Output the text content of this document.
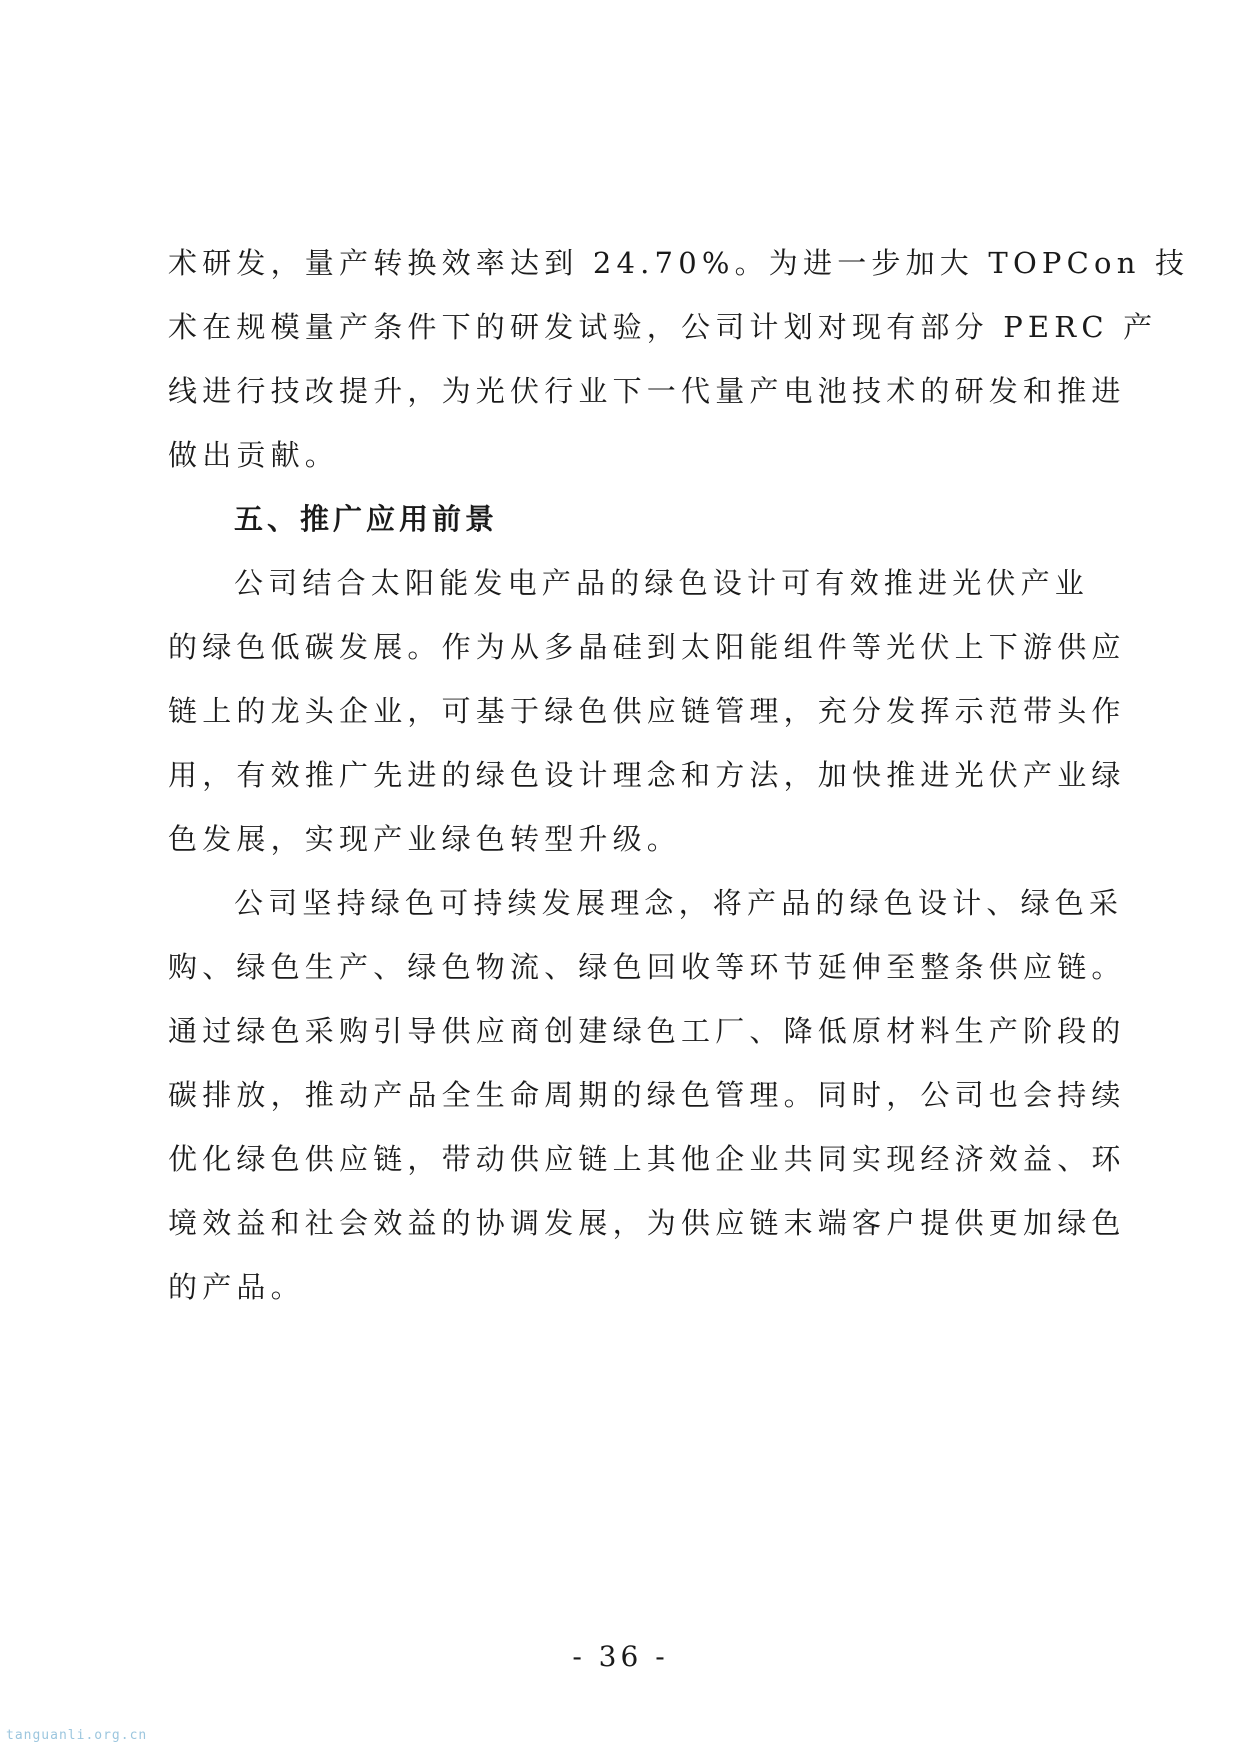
术研发，量产转换效率达到 24.70%。为进一步加大 TOPCon 技
术在规模量产条件下的研发试验，公司计划对现有部分 PERC 产
线进行技改提升，为光伏行业下一代量产电池技术的研发和推进
做出贡献。
五、推广应用前景
公司结合太阳能发电产品的绿色设计可有效推进光伏产业
的绿色低碳发展。作为从多晶硅到太阳能组件等光伏上下游供应
链上的龙头企业，可基于绿色供应链管理，充分发挥示范带头作
用，有效推广先进的绿色设计理念和方法，加快推进光伏产业绿
色发展，实现产业绿色转型升级。
公司坚持绿色可持续发展理念，将产品的绿色设计、绿色采
购、绿色生产、绿色物流、绿色回收等环节延伸至整条供应链。
通过绿色采购引导供应商创建绿色工厂、降低原材料生产阶段的
碳排放，推动产品全生命周期的绿色管理。同时，公司也会持续
优化绿色供应链，带动供应链上其他企业共同实现经济效益、环
境效益和社会效益的协调发展，为供应链末端客户提供更加绿色
的产品。
- 36 -
tanguanli.org.cn
